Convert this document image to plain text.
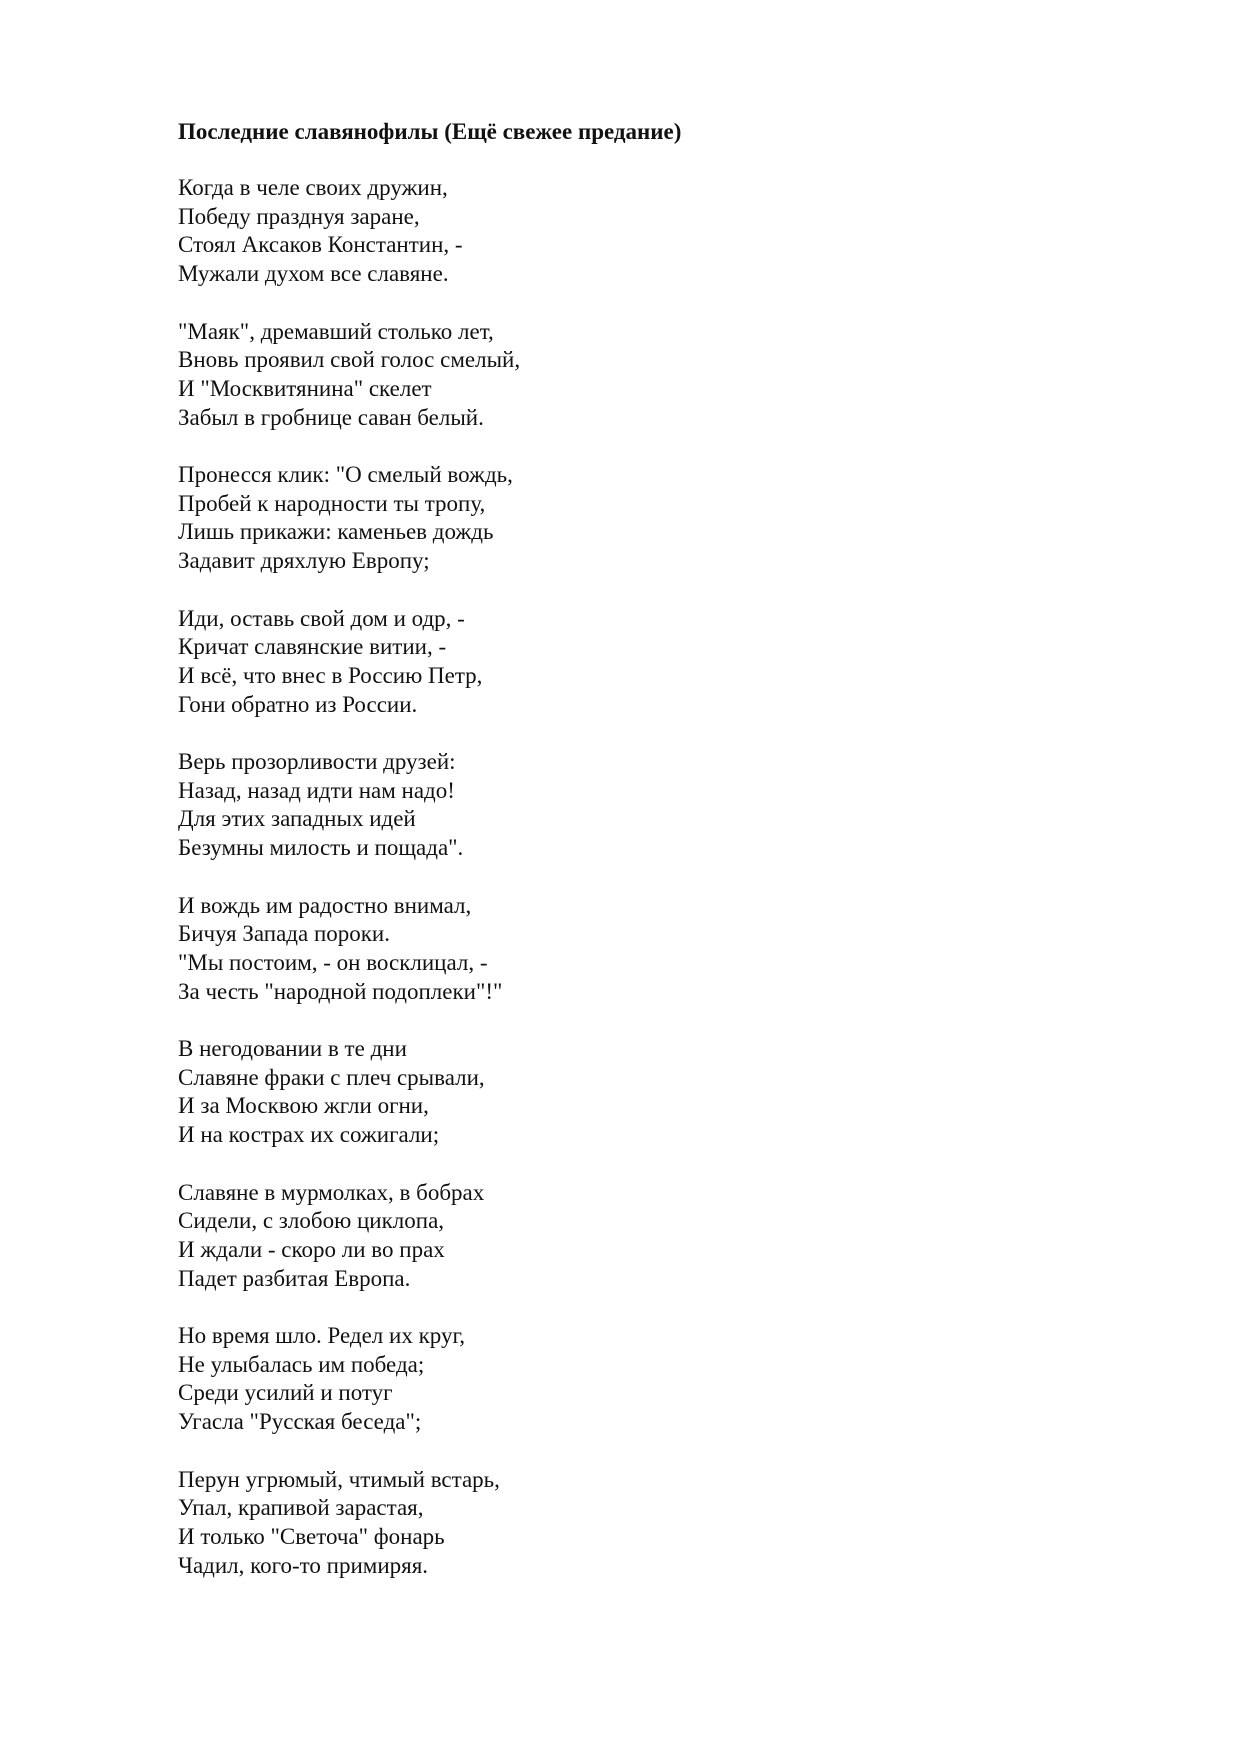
Последние славянофилы (Ещё свежее предание)
Когда в челе своих дружин,
Победу празднуя заране,
Стоял Аксаков Константин, -
Мужали духом все славяне.
"Маяк", дремавший столько лет,
Вновь проявил свой голос смелый,
И "Москвитянина" скелет
Забыл в гробнице саван белый.
Пронесся клик: "О смелый вождь,
Пробей к народности ты тропу,
Лишь прикажи: каменьев дождь
Задавит дряхлую Европу;
Иди, оставь свой дом и одр, -
Кричат славянские витии, -
И всё, что внес в Россию Петр,
Гони обратно из России.
Верь прозорливости друзей:
Назад, назад идти нам надо!
Для этих западных идей
Безумны милость и пощада".
И вождь им радостно внимал,
Бичуя Запада пороки.
"Мы постоим, - он восклицал, -
За честь "народной подоплеки"!"
В негодовании в те дни
Славяне фраки с плеч срывали,
И за Москвою жгли огни,
И на кострах их сожигали;
Славяне в мурмолках, в бобрах
Сидели, с злобою циклопа,
И ждали - скоро ли во прах
Падет разбитая Европа.
Но время шло. Редел их круг,
Не улыбалась им победа;
Среди усилий и потуг
Угасла "Русская беседа";
Перун угрюмый, чтимый встарь,
Упал, крапивой зарастая,
И только "Светоча" фонарь
Чадил, кого-то примиряя.
